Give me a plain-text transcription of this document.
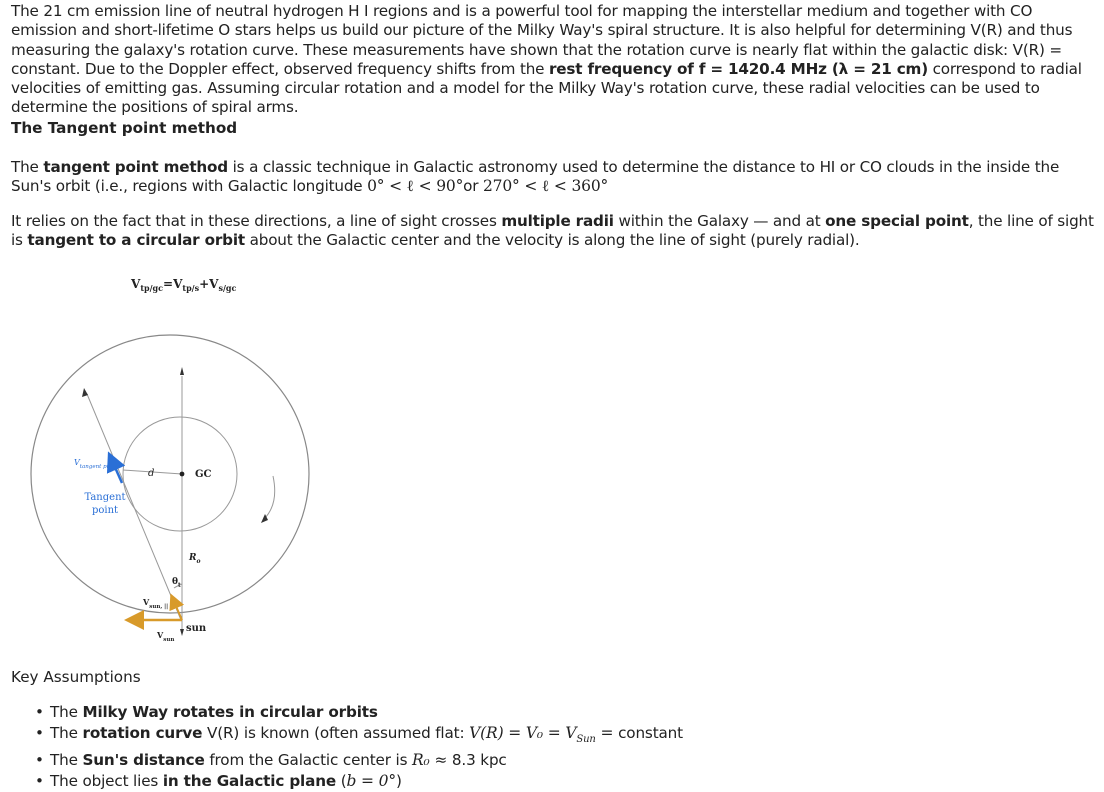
The 21 cm emission line of neutral hydrogen H I regions and is a powerful tool for mapping the interstellar medium and together with CO emission and short-lifetime O stars helps us build our picture of the Milky Way's spiral structure. It is also helpful for determining V(R) and thus measuring the galaxy's rotation curve. These measurements have shown that the rotation curve is nearly flat within the galactic disk: V(R) = constant. Due to the Doppler effect, observed frequency shifts from the rest frequency of f = 1420.4 MHz (λ = 21 cm) correspond to radial velocities of emitting gas. Assuming circular rotation and a model for the Milky Way's rotation curve, these radial velocities can be used to determine the positions of spiral arms.

The Tangent point method

The tangent point method is a classic technique in Galactic astronomy used to determine the distance to HI or CO clouds in the inside the Sun's orbit (i.e., regions with Galactic longitude 0° < ℓ < 90°or 270° < ℓ < 360°

It relies on the fact that in these directions, a line of sight crosses multiple radii within the Galaxy — and at one special point, the line of sight is tangent to a circular orbit about the Galactic center and the velocity is along the line of sight (purely radial).

$V_{tp/gc}=V_{tp/s}+V_{s/gc}$
$V_{tangent pt}$
d	GC
Tangent
point
$R_o$
$\theta_t$
$V_{sun, ||}$
sun
$V_{sun}$

Key Assumptions

• The Milky Way rotates in circular orbits
• The rotation curve V(R) is known (often assumed flat: $V(R) = V_0 = V_{Sun}$ = constant
• The Sun's distance from the Galactic center is R₀ ≈ 8.3 kpc
• The object lies in the Galactic plane (b = 0°)
